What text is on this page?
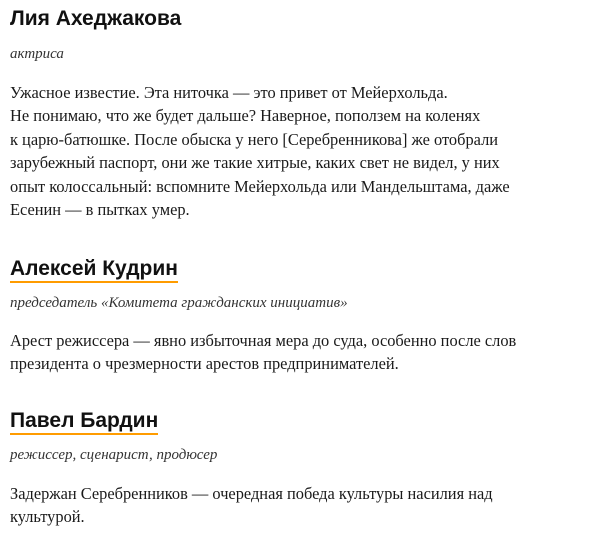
Лия Ахеджакова
актриса

Ужасное известие. Эта ниточка — это привет от Мейерхольда.
Не понимаю, что же будет дальше? Наверное, поползем на коленях
к царю-батюшке. После обыска у него [Серебренникова] же отобрали
зарубежный паспорт, они же такие хитрые, каких свет не видел, у них
опыт колоссальный: вспомните Мейерхольда или Мандельштама, даже
Есенин — в пытках умер.

Алексей Кудрин
председатель «Комитета гражданских инициатив»

Арест режиссера — явно избыточная мера до суда, особенно после слов
президента о чрезмерности арестов предпринимателей.

Павел Бардин
режиссер, сценарист, продюсер

Задержан Серебренников — очередная победа культуры насилия над
культурой.
